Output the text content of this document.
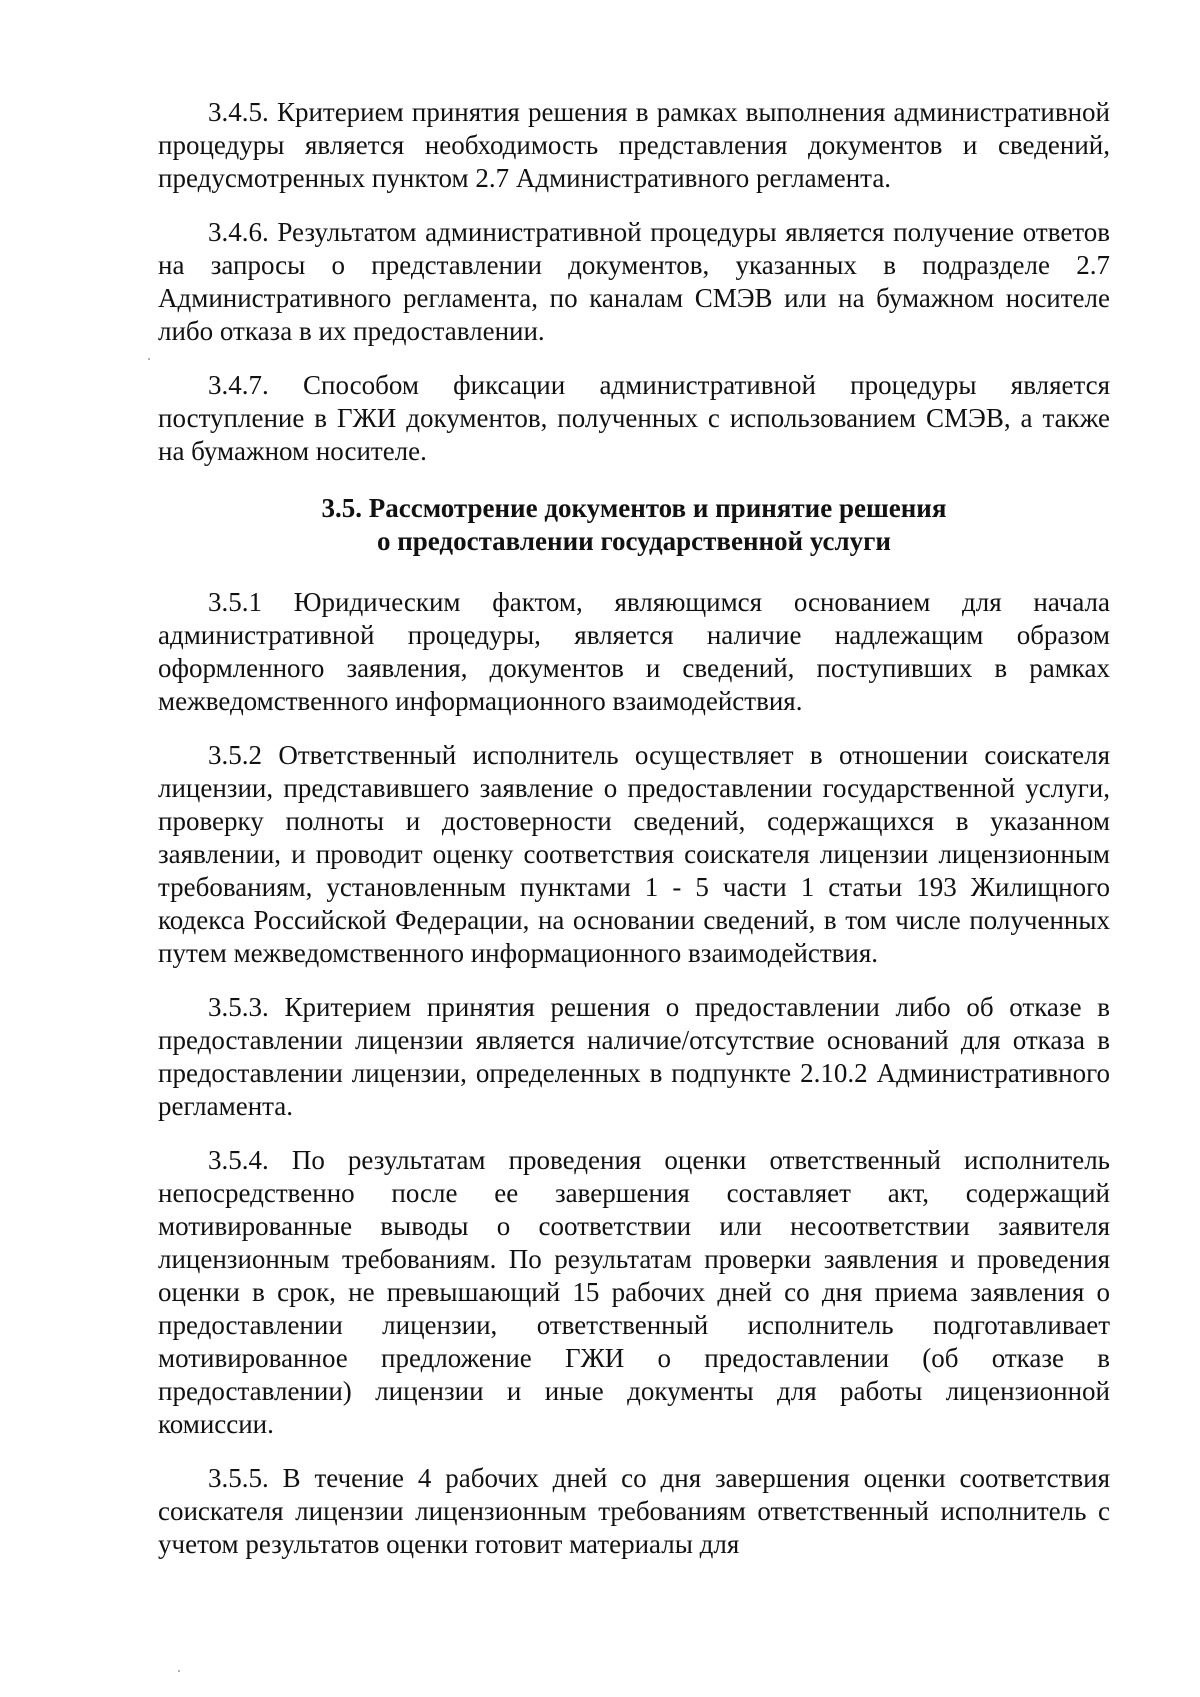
3.4.5. Критерием принятия решения в рамках выполнения административной процедуры является необходимость представления документов и сведений, предусмотренных пунктом 2.7 Административного регламента.

3.4.6. Результатом административной процедуры является получение ответов на запросы о представлении документов, указанных в подразделе 2.7 Административного регламента, по каналам СМЭВ или на бумажном носителе либо отказа в их предоставлении.

3.4.7. Способом фиксации административной процедуры является поступление в ГЖИ документов, полученных с использованием СМЭВ, а также на бумажном носителе.

3.5. Рассмотрение документов и принятие решения
о предоставлении государственной услуги

3.5.1 Юридическим фактом, являющимся основанием для начала административной процедуры, является наличие надлежащим образом оформленного заявления, документов и сведений, поступивших в рамках межведомственного информационного взаимодействия.

3.5.2 Ответственный исполнитель осуществляет в отношении соискателя лицензии, представившего заявление о предоставлении государственной услуги, проверку полноты и достоверности сведений, содержащихся в указанном заявлении, и проводит оценку соответствия соискателя лицензии лицензионным требованиям, установленным пунктами 1 - 5 части 1 статьи 193 Жилищного кодекса Российской Федерации, на основании сведений, в том числе полученных путем межведомственного информационного взаимодействия.

3.5.3. Критерием принятия решения о предоставлении либо об отказе в предоставлении лицензии является наличие/отсутствие оснований для отказа в предоставлении лицензии, определенных в подпункте 2.10.2 Административного регламента.

3.5.4. По результатам проведения оценки ответственный исполнитель непосредственно после ее завершения составляет акт, содержащий мотивированные выводы о соответствии или несоответствии заявителя лицензионным требованиям. По результатам проверки заявления и проведения оценки в срок, не превышающий 15 рабочих дней со дня приема заявления о предоставлении лицензии, ответственный исполнитель подготавливает мотивированное предложение ГЖИ о предоставлении (об отказе в предоставлении) лицензии и иные документы для работы лицензионной комиссии.

3.5.5. В течение 4 рабочих дней со дня завершения оценки соответствия соискателя лицензии лицензионным требованиям ответственный исполнитель с учетом результатов оценки готовит материалы для
